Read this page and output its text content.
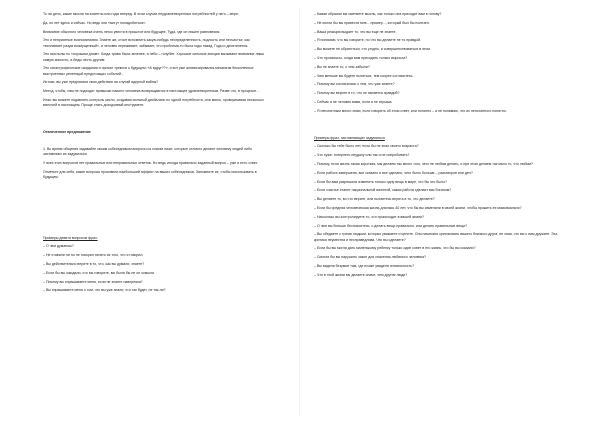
То ли дело, какие мысли на клиенты или годы вперед. В этом случае неудовлетворенных потребностей у него – мере.

Да, их нет здесь и сейчас. Но ведь они «могут понадобиться».

Внимание обычного человека очень легко увести в прошлое или будущее. Туда, где он лишен равновесия.

Это и неприятные воспоминания. Знаете же, стоит вспомнить какую-нибудь неопределенность, подлость или несчастье, как «всплывает разум возмущенный», и человек переживает, забывает, что проблема-то была годы назад. Годы и десятилетия.

Это мостылы по «хорошим дням». Когда трава была зеленее, а небо – голубее. Хорошие сильные эмоции вызывают внимание лишь самую малость, а беды честь другим.

Это катастрофические ожидания и прочие тревоги о будущем: «А вдруг??», и вот уже активизировался механизм бесконечных выстроенных репетиций предстоящих событий…

Истоки, вы уже предлагали свои действия на случай ядерной войны?

Метод, чтобы, нам не подходят привычки нашего человека возвращаются в настоящее удовлетворенным. Разве что, в процессе…

Итак: вы можете подавлять контроль кисло, создавая сильный дисбаланс по одной потребности, или мягко, проворачивая несколько мелочей в настоящем. Проще стать доходчивый инструмент.

Отвлеченное предложение

1. Во время общения задавайте своим собеседником вопросы из списка ниже, которые отлично делают человеку людей либо заставляют их задуматься.

У всех этих вопросов нет правильных или неправильных ответов. Но ведь иногда правильно заданный вопрос – уже и есть ответ.

Отметьте для себя, какие вопросы произвели наибольший эффект на ваших собеседников. Запомните их, чтобы использовать в будущем.

Примеры девяти вопросов фраз:

– О чем думаешь?

– Не ставили ли ты не говорил ничего из того, что я говорил.

– Вы действительно верите в то, что, как вы думали, знаете?

– Если бы вы ожидали, что вы говорите, вы были бы не он осмыли.

– Почему вы спрашиваете меня, если не знаете наверняка?

– Вы спрашиваете меня о том, что вы уже знали, что так будет, не так ли?

– Каким образом вы сменяете мысль, как только она приходит вам в голову?

– Не могли бы вы привести мне... пример..., который был бы полезен.

– Ваша реакция выдает то, что вы еще не знаете.

– Я понимаю, что вы говорите, но что вы делаете не то правдой.

– Вы можете не обратиться, что угодно, и совершенствоваться в этом.

– Что произошло, когда вам приходить только выросла?

– Вы не знаете то, о чем забыли?

– Чем меньше вы будете пытаться, тем скорее согласитесь.

– Почему вы согласились с тем, что уже знаете?

– Почему вы верите в то, что не является правдой?

– Сейчас я не человек вами, если я не игрыша.

– Я непонятным много знаю, если говорить об этом ответ, или понятно – я не понимаю, что их непонятного понятно.

Примеры фраз, заставляющих задуматься

– Сколько бы тебе было лет, если бы не знал своего возраста?

– Что хуже: потерпеть неудачу или так и не попробовать?

– Почему, если жизнь такая короткая, мы делаем так много того, чего не любим делать, и при этом делаем так мало то, что любим?

– Если работа завершена, все сказано и все сделано, чего было больше – разговоров или дел?

– Если бы вам разрешили изменить только одну вещь в мире, что бы это было?

– Если счастье станет национальной валютой, какая работа сделает вас богатым?

– Вы делаете то, во что верите, или пытаетесь верить в то, что делаете?

– Если бы средняя человеческая жизнь длилась 40 лет, что бы вы изменили в своей жизни, чтобы прожить ее максимально?

– Насколько вы контролируете то, что происходит в вашей жизни?

– О чем вы больше беспокоитесь: о делать вещи правильно, или делать правильные вещи?

– Вы обедаете с тремя людьми, которых уважаете и цените. Они начинают критиковать вашего близкого друга, не зная, что вы с ним дружите. Эта критика неуместна и несправедлива. Что вы сделаете?

– Если бы вы могли дать маленькому ребенку только один совет в его жизнь, что бы вы сказали?

– Смогли бы вы нарушить закон для спасения любимого человека?

– Вы видели безумие там, где позже увидели гениальность?

– Что в этой жизни вы делаете иначе, чем другие люди?
